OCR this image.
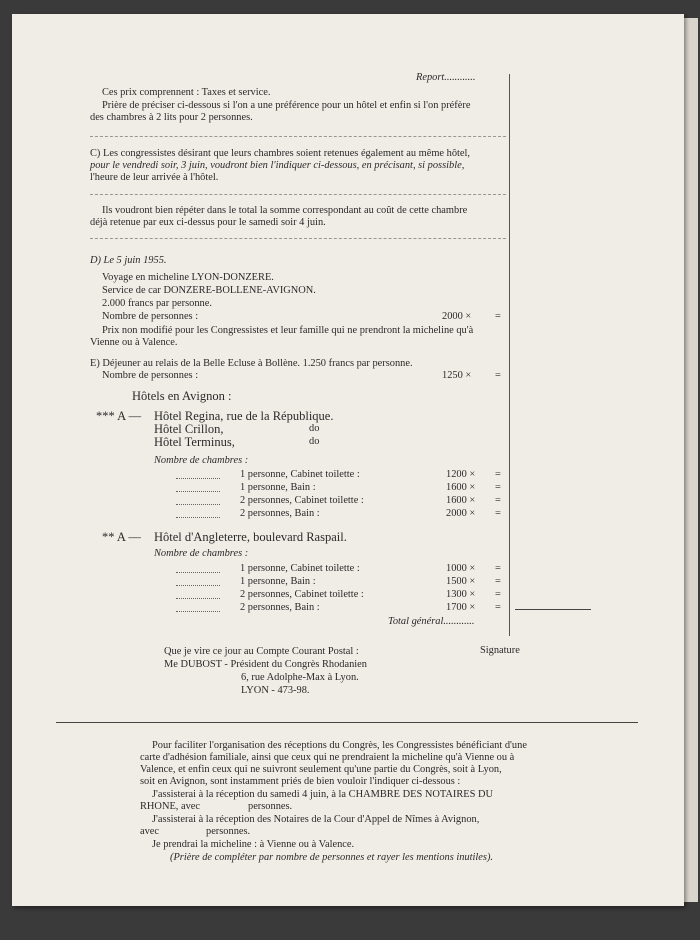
Report............
Ces prix comprennent : Taxes et service.
Prière de préciser ci-dessous si l'on a une préférence pour un hôtel et enfin si l'on préfère
des chambres à 2 lits pour 2 personnes.
C) Les congressistes désirant que leurs chambres soient retenues également au même hôtel,
pour le vendredi soir, 3 juin, voudront bien l'indiquer ci-dessous, en précisant, si possible,
l'heure de leur arrivée à l'hôtel.
Ils voudront bien répéter dans le total la somme correspondant au coût de cette chambre
déjà retenue par eux ci-dessus pour le samedi soir 4 juin.
D) Le 5 juin 1955.
Voyage en micheline LYON-DONZERE.
Service de car DONZERE-BOLLENE-AVIGNON.
2.000 francs par personne.
Nombre de personnes :	2000 × =
Prix non modifié pour les Congressistes et leur famille qui ne prendront la micheline qu'à
Vienne ou à Valence.
E) Déjeuner au relais de la Belle Ecluse à Bollène. 1.250 francs par personne.
Nombre de personnes :	1250 × =
Hôtels en Avignon :
*** A — Hôtel Regina, rue de la République.
Hôtel Crillon,	do
Hôtel Terminus,	do
Nombre de chambres :
1 personne, Cabinet toilette :	1200 × =
1 personne, Bain :	1600 × =
2 personnes, Cabinet toilette :	1600 × =
2 personnes, Bain :	2000 × =
** A — Hôtel d'Angleterre, boulevard Raspail.
Nombre de chambres :
1 personne, Cabinet toilette :	1000 × =
1 personne, Bain :	1500 × =
2 personnes, Cabinet toilette :	1300 × =
2 personnes, Bain :	1700 × =
Total général............
Que je vire ce jour au Compte Courant Postal :	Signature
Me DUBOST - Président du Congrès Rhodanien
6, rue Adolphe-Max à Lyon.
LYON - 473-98.
Pour faciliter l'organisation des réceptions du Congrès, les Congressistes bénéficiant d'une
carte d'adhésion familiale, ainsi que ceux qui ne prendraient la micheline qu'à Vienne ou à
Valence, et enfin ceux qui ne suivront seulement qu'une partie du Congrès, soit à Lyon,
soit en Avignon, sont instamment priés de bien vouloir l'indiquer ci-dessous :
J'assisterai à la réception du samedi 4 juin, à la CHAMBRE DES NOTAIRES DU
RHONE, avec	personnes.
J'assisterai à la réception des Notaires de la Cour d'Appel de Nîmes à Avignon,
avec	personnes.
Je prendrai la micheline : à Vienne ou à Valence.
(Prière de compléter par nombre de personnes et rayer les mentions inutiles).
